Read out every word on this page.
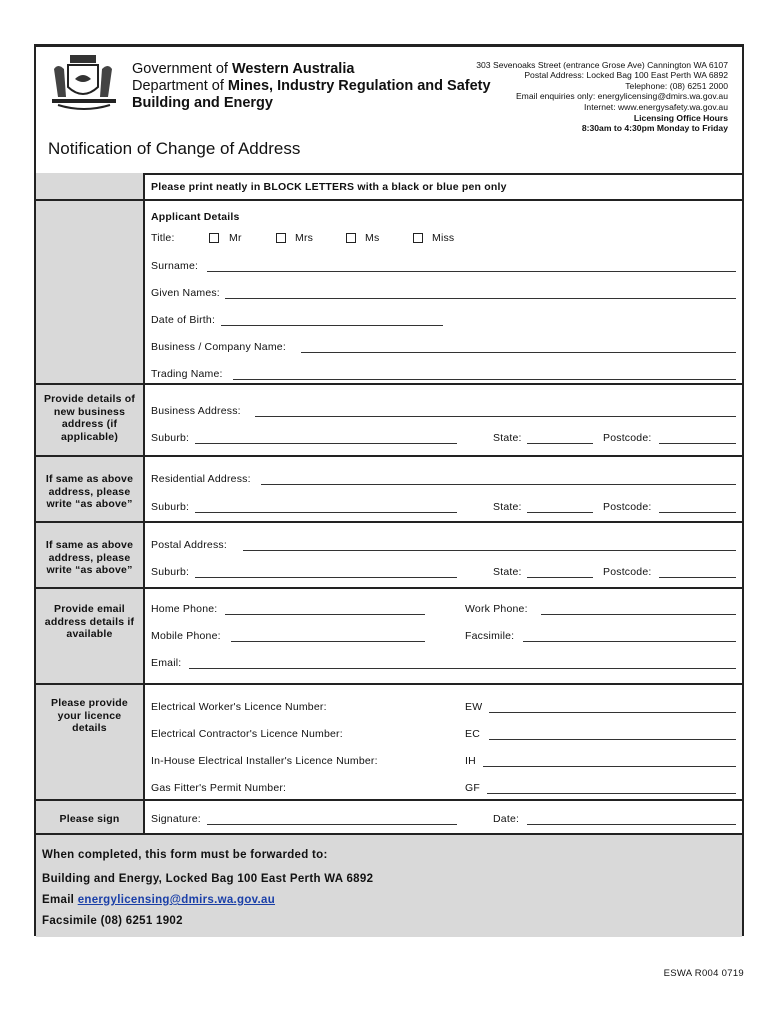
Government of Western Australia
Department of Mines, Industry Regulation and Safety
Building and Energy
303 Sevenoaks Street (entrance Grose Ave) Cannington WA 6107
Postal Address: Locked Bag 100 East Perth WA 6892
Telephone: (08) 6251 2000
Email enquiries only: energylicensing@dmirs.wa.gov.au
Internet: www.energysafety.wa.gov.au
Licensing Office Hours
8:30am to 4:30pm Monday to Friday
Notification of Change of Address
Please print neatly in BLOCK LETTERS with a black or blue pen only
Applicant Details
Title:	Mr	Mrs	Ms	Miss
Surname:
Given Names:
Date of Birth:
Business / Company Name:
Trading Name:
Provide details of new business address (if applicable)
Business Address:
Suburb:	State:	Postcode:
If same as above address, please write “as above”
Residential Address:
Suburb:	State:	Postcode:
If same as above address, please write “as above”
Postal Address:
Suburb:	State:	Postcode:
Provide email address details if available
Home Phone:	Work Phone:
Mobile Phone:	Facsimile:
Email:
Please provide your licence details
Electrical Worker's Licence Number:	EW
Electrical Contractor's Licence Number:	EC
In-House Electrical Installer's Licence Number:	IH
Gas Fitter's Permit Number:	GF
Please sign	Signature:	Date:
When completed, this form must be forwarded to:
Building and Energy, Locked Bag 100 East Perth WA 6892
Email energylicensing@dmirs.wa.gov.au
Facsimile (08) 6251 1902
ESWA R004 0719
